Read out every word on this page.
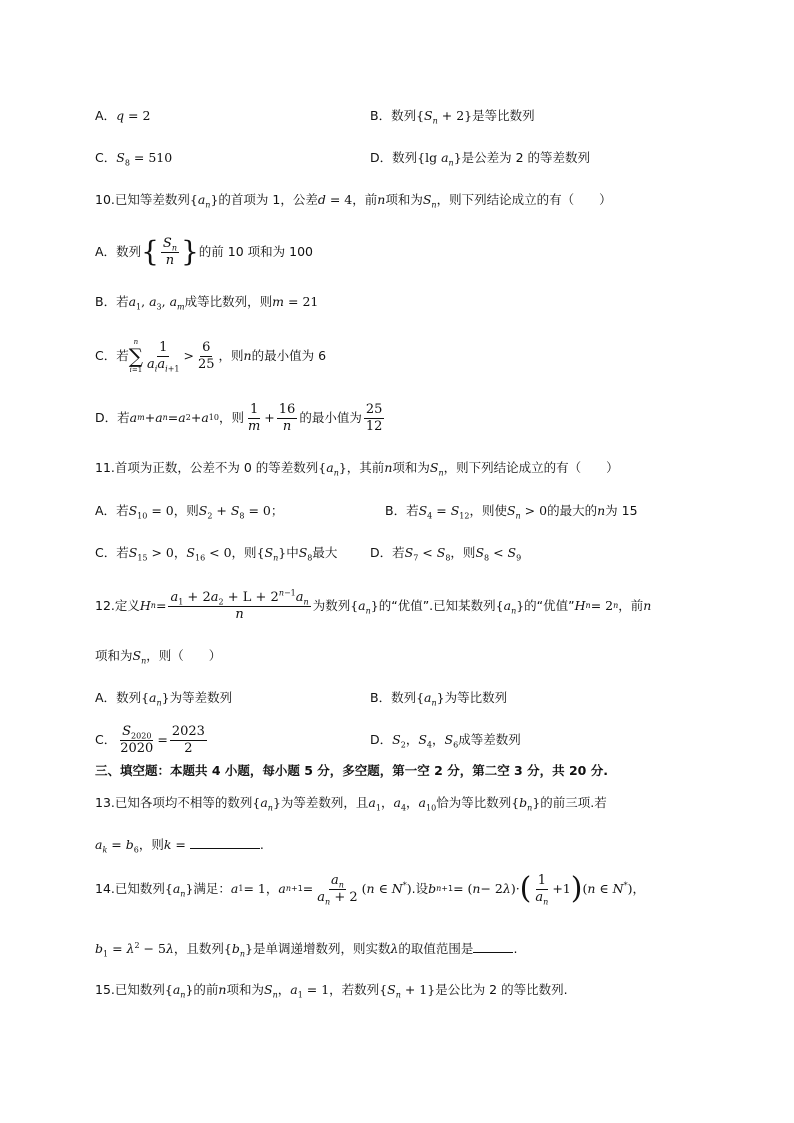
A．q = 2	B．数列$\{S_n + 2\}$是等比数列
C．$S_8 = 510$	D．数列{lg $a_n$}是公差为 2 的等差数列
10.已知等差数列$\{a_n\}$的首项为 1，公差d = 4，前n项和为$S_n$，则下列结论成立的有（　　）
A． 数列 { $\frac{S_n}{n}$ } 的前 10 项和为 100
B．若$a_1$, $a_3$, $a_m$成等比数列，则m = 21
C． 若
n
∑
$i=1 \frac{1}{a_ia_{i+1}} > \frac{6}{25}$ ，则 n 的最小值为 6
D． 若 a m + a n = a 2 + a 10 ，则 $\frac{1}{m} + \frac{16}{n}$ 的最小值为 $\frac{25}{12}$
11.首项为正数，公差不为 0 的等差数列$\{a_n\}$，其前n项和为$S_n$，则下列结论成立的有（　　）
A．若$S_{10} = 0$，则$S_2 + S_8 = 0$；	B．若$S_4 = S_{12}$，则使$S_n > 0$的最大的n为 15
C．若$S_{15} > 0$，$S_{16} < 0$，则$\{S_n\}$中$S_8$最大	D．若$S_7 < S_8$，则$S_8 < S_9$
12.定义 H $n = \frac{a_1 + 2a_2 + L + 2^{n-1}a_n}{n}$ 为数列 $\{a_n\}$ 的“优值”.已知某数列 $\{a_n\}$ 的“优值” H n = 2 n ，前 n
项和为$S_n$，则（　　）
A．数列$\{a_n\}$为等差数列	B．数列$\{a_n\}$为等比数列
C． $\frac{S_{2020}}{2020} = \frac{2023}{2}$	D．$S_2$，$S_4$，$S_6$成等差数列
三、填空题：本题共 4 小题，每小题 5 分，多空题，第一空 2 分，第二空 3 分，共 20 分.
13.已知各项均不相等的数列$\{a_n\}$为等差数列，且$a_1$，$a_4$，$a_{10}$恰为等比数列$\{b_n\}$的前三项.若
$a_k = b_6$，则k =	.
14.已知数列 $\{a_n\}$ 满足： a 1 = 1 ， a $n+1 = \frac{a_n}{a_n + 2} (n$ ∈ N*) .设 b n+1 = ( n − 2 λ )· ( $\frac{1}{a_n} +1$ ) (n ∈ N*) ，
$b_1 = \lambda^2 - 5\lambda$，且数列$\{b_n\}$是单调递增数列，则实数λ的取值范围是	.
15.已知数列$\{a_n\}$的前n项和为$S_n$，$a_1 = 1$，若数列$\{S_n + 1\}$是公比为 2 的等比数列.
